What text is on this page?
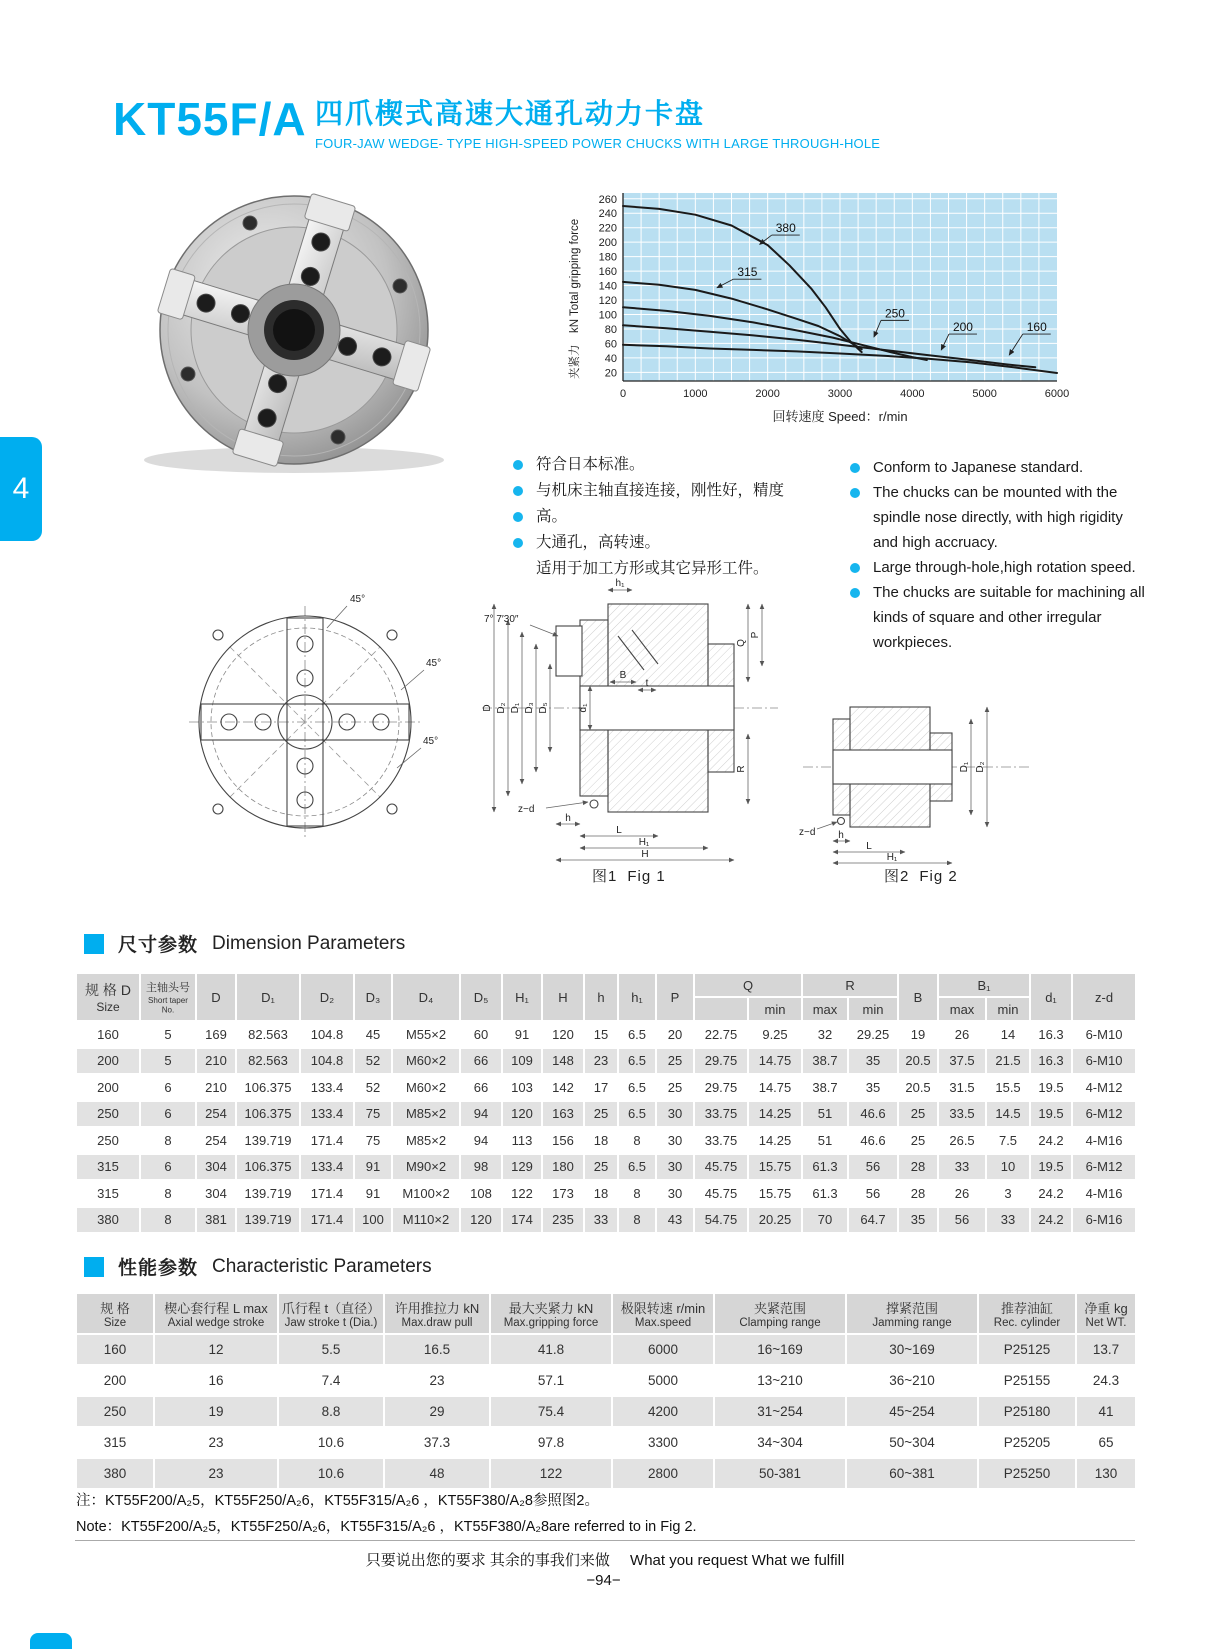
KT55F/A 四爪楔式高速大通孔动力卡盘
FOUR-JAW WEDGE- TYPE HIGH-SPEED POWER CHUCKS WITH LARGE THROUGH-HOLE
4
20
40
60
80
100
120
140
160
180
200
220
240
260
0	1000	2000	3000	4000	5000	6000
380
315
250
200	160
夹紧力　kN Total gripping force
回转速度 Speed：r/min
符合日本标准。
与机床主轴直接连接，刚性好，精度
高。
大通孔，高转速。
适用于加工方形或其它异形工件。
Conform to Japanese standard.
The chucks can be mounted with the spindle nose directly, with high rigidity and high accruacy.
Large through-hole,high rotation speed.
The chucks are suitable for machining all kinds of square and other irregular workpieces.
45°
45°
45°
7° 7′30″
h₁
B
d₁
D D₂ D₁ D₃ D₅
Q
P
R
t
h
z−d
L
H₁
H
D₁ D₂
z−d h
L
H₁
图1 Fig 1	图2 Fig 2
尺寸参数 Dimension Parameters
规 格 D
Size

主轴头号
Short taper No.
	D	D₁	D₂	D₃	D₄	D₅	H₁	H	h	h₁	P	Q	R	B	B₁	d₁	z-d
														min	max	min		max	min		
160	5	169	82.563	104.8	45	M55×2	60	91	120	15	6.5	20	22.75	9.25	32	29.25	19	26	14	16.3	6-M10
200	5	210	82.563	104.8	52	M60×2	66	109	148	23	6.5	25	29.75	14.75	38.7	35	20.5	37.5	21.5	16.3	6-M10
200	6	210	106.375	133.4	52	M60×2	66	103	142	17	6.5	25	29.75	14.75	38.7	35	20.5	31.5	15.5	19.5	4-M12
250	6	254	106.375	133.4	75	M85×2	94	120	163	25	6.5	30	33.75	14.25	51	46.6	25	33.5	14.5	19.5	6-M12
250	8	254	139.719	171.4	75	M85×2	94	113	156	18	8	30	33.75	14.25	51	46.6	25	26.5	7.5	24.2	4-M16
315	6	304	106.375	133.4	91	M90×2	98	129	180	25	6.5	30	45.75	15.75	61.3	56	28	33	10	19.5	6-M12
315	8	304	139.719	171.4	91	M100×2	108	122	173	18	8	30	45.75	15.75	61.3	56	28	26	3	24.2	4-M16
380	8	381	139.719	171.4	100	M110×2	120	174	235	33	8	43	54.75	20.25	70	64.7	35	56	33	24.2	6-M16
性能参数 Characteristic Parameters
规 格
Size

楔心套行程 L max
Axial wedge stroke

爪行程 t（直径）
Jaw stroke t (Dia.)

许用推拉力 kN
Max.draw pull

最大夹紧力 kN
Max.gripping force

极限转速 r/min
Max.speed

夹紧范围
Clamping range

撑紧范围
Jamming range

推荐油缸
Rec. cylinder

净重 kg
Net WT.

160	12	5.5	16.5	41.8	6000	16~169	30~169	P25125	13.7
200	16	7.4	23	57.1	5000	13~210	36~210	P25155	24.3
250	19	8.8	29	75.4	4200	31~254	45~254	P25180	41
315	23	10.6	37.3	97.8	3300	34~304	50~304	P25205	65
380	23	10.6	48	122	2800	50-381	60~381	P25250	130
注：KT55F200/A₂5，KT55F250/A₂6，KT55F315/A₂6 ，KT55F380/A₂8参照图2。
Note：KT55F200/A₂5，KT55F250/A₂6，KT55F315/A₂6 ，KT55F380/A₂8are referred to in Fig 2.
只要说出您的要求 其余的事我们来做 What you request What we fulfill
−94−
